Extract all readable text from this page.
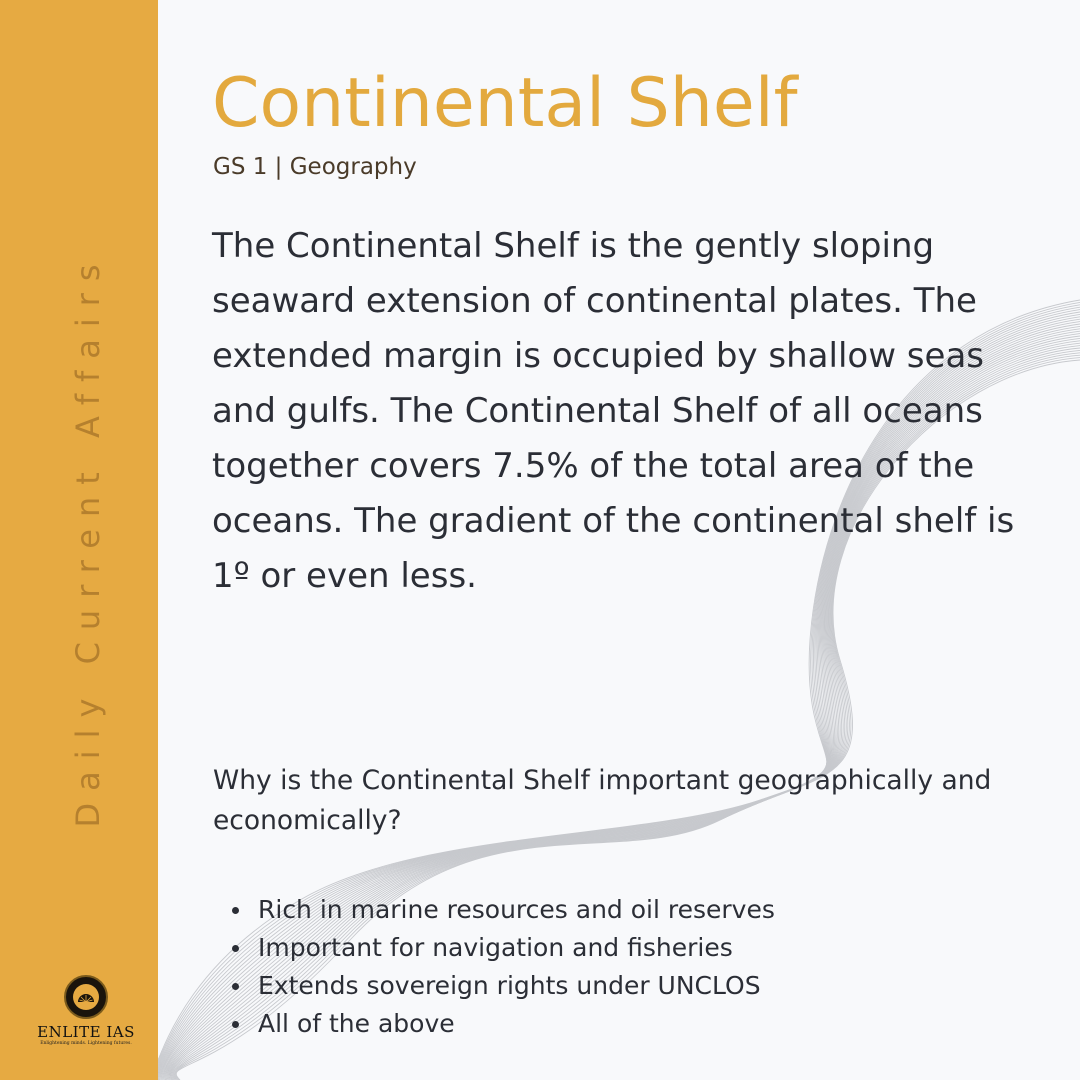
Daily Current Affairs
ENLITE IAS
Enlightening minds. Lightening futures.
Continental Shelf

GS 1 | Geography

The Continental Shelf is the gently sloping seaward extension of continental plates. The extended margin is occupied by shallow seas and gulfs. The Continental Shelf of all oceans together covers 7.5% of the total area of the oceans. The gradient of the continental shelf is 1º or even less.

Why is the Continental Shelf important geographically and economically?

Rich in marine resources and oil reserves
Important for navigation and fisheries
Extends sovereign rights under UNCLOS
All of the above
